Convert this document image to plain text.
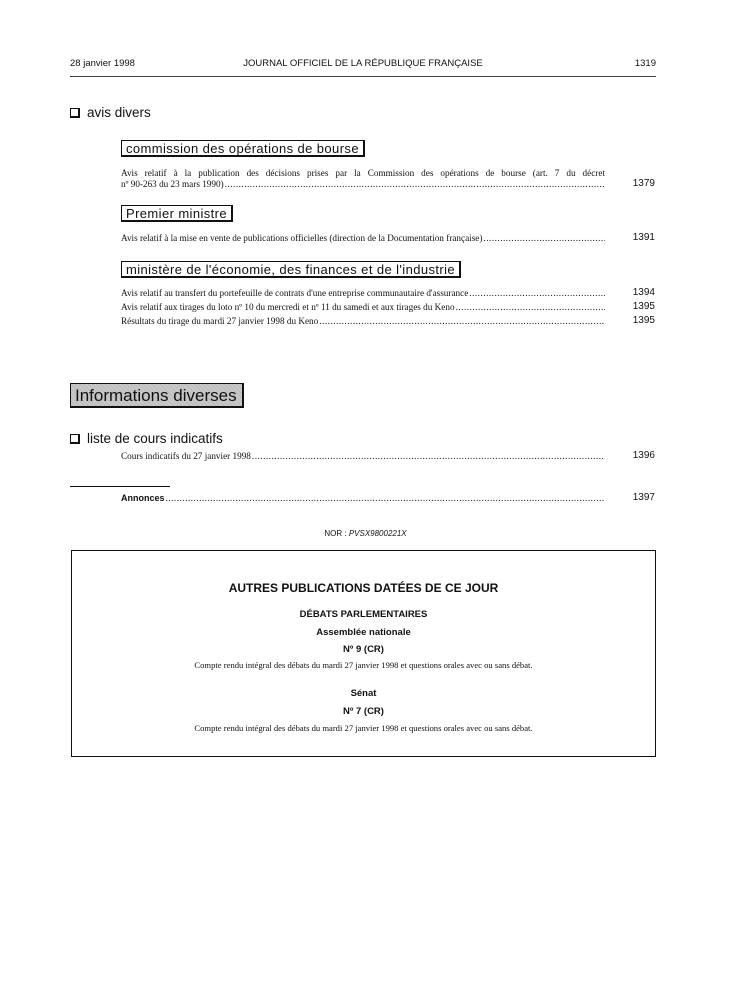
28 janvier 1998	JOURNAL OFFICIEL DE LA RÉPUBLIQUE FRANÇAISE	1319
avis divers
commission des opérations de bourse
Avis relatif à la publication des décisions prises par la Commission des opérations de bourse (art. 7 du décret
nº 90-263 du 23 mars 1990) .....	1379
Premier ministre
Avis relatif à la mise en vente de publications officielles (direction de la Documentation française) .....	1391
ministère de l'économie, des finances et de l'industrie
Avis relatif au transfert du portefeuille de contrats d'une entreprise communautaire d'assurance .....	1394
Avis relatif aux tirages du loto nº 10 du mercredi et nº 11 du samedi et aux tirages du Keno .....	1395
Résultats du tirage du mardi 27 janvier 1998 du Keno .....	1395
Informations diverses
liste de cours indicatifs
Cours indicatifs du 27 janvier 1998 .....	1396
Annonces .....	1397
NOR : PVSX9800221X
AUTRES PUBLICATIONS DATÉES DE CE JOUR
DÉBATS PARLEMENTAIRES
Assemblée nationale
Nº 9 (CR)
Compte rendu intégral des débats du mardi 27 janvier 1998 et questions orales avec ou sans débat.
Sénat
Nº 7 (CR)
Compte rendu intégral des débats du mardi 27 janvier 1998 et questions orales avec ou sans débat.
